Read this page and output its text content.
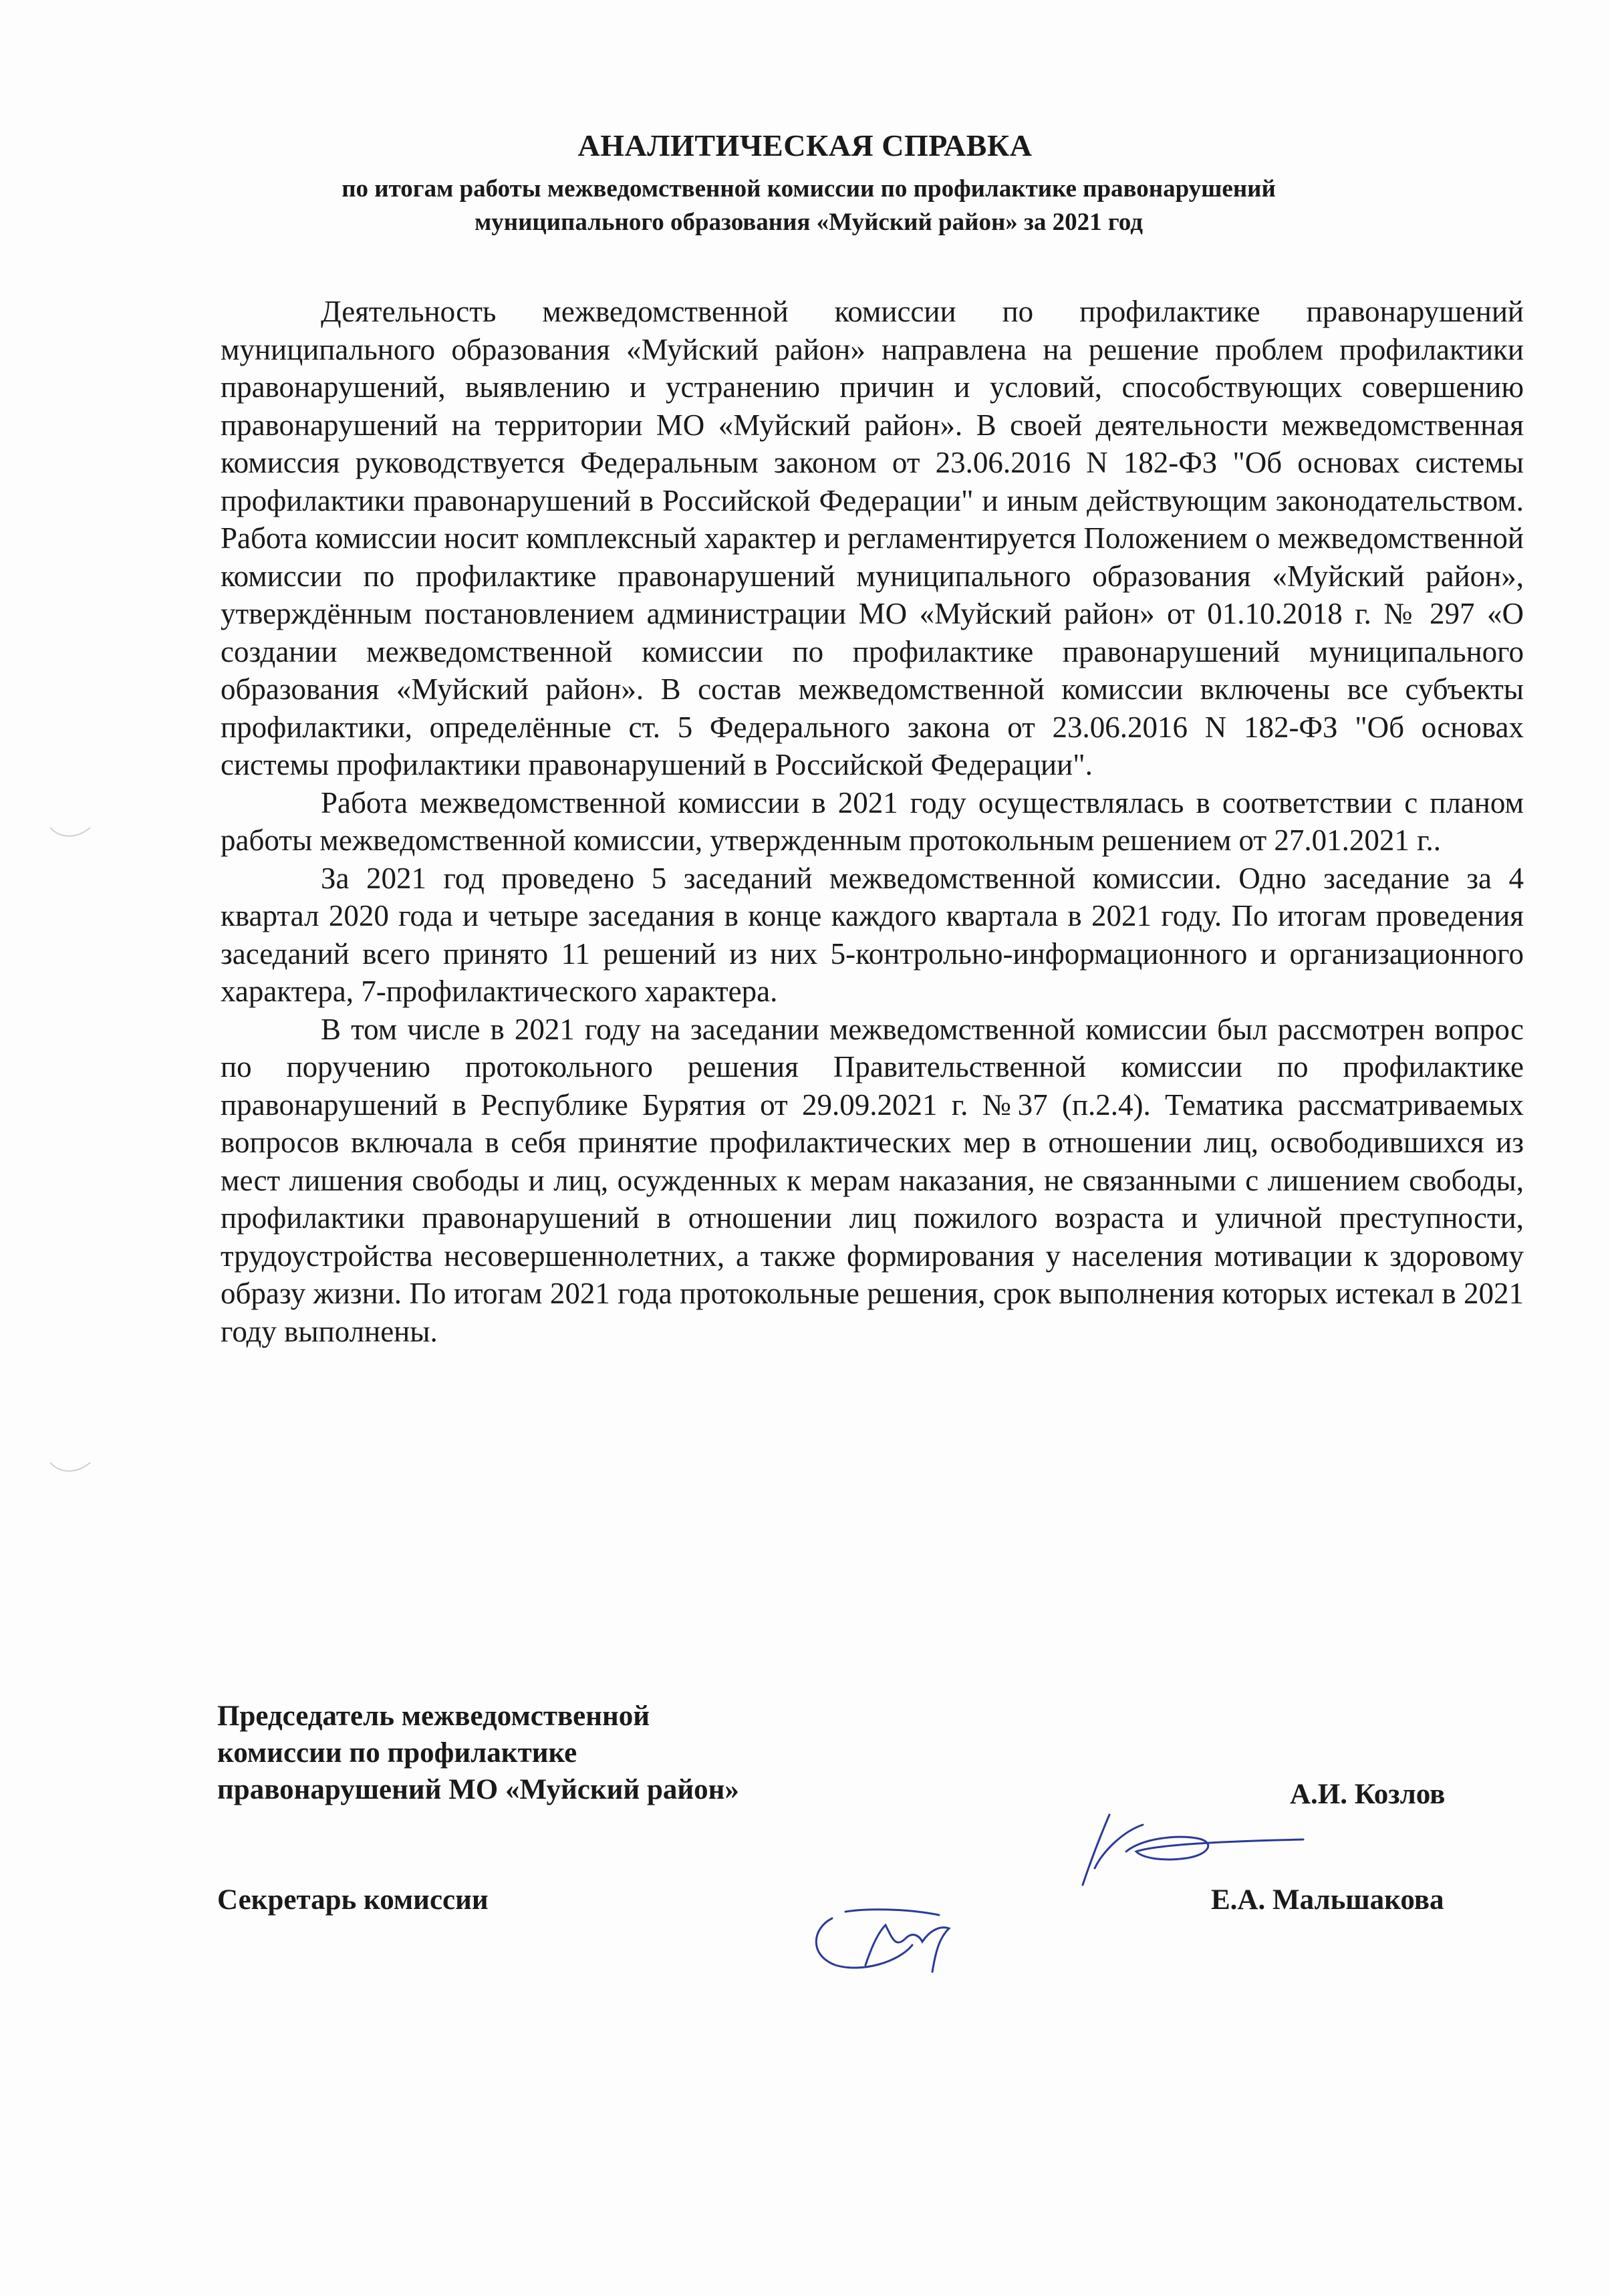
АНАЛИТИЧЕСКАЯ СПРАВКА
по итогам работы межведомственной комиссии по профилактике правонарушений
муниципального образования «Муйский район» за 2021 год

Деятельность межведомственной комиссии по профилактике правонарушений муниципального образования «Муйский район» направлена на решение проблем профилактики правонарушений, выявлению и устранению причин и условий, способствующих совершению правонарушений на территории МО «Муйский район». В своей деятельности межведомственная комиссия руководствуется Федеральным законом от 23.06.2016 N 182-ФЗ "Об основах системы профилактики правонарушений в Российской Федерации" и иным действующим законодательством. Работа комиссии носит комплексный характер и регламентируется Положением о межведомственной комиссии по профилактике правонарушений муниципального образования «Муйский район», утверждённым постановлением администрации МО «Муйский район» от 01.10.2018 г. № 297 «О создании межведомственной комиссии по профилактике правонарушений муниципального образования «Муйский район». В состав межведомственной комиссии включены все субъекты профилактики, определённые ст. 5 Федерального закона от 23.06.2016 N 182-ФЗ "Об основах системы профилактики правонарушений в Российской Федерации".

Работа межведомственной комиссии в 2021 году осуществлялась в соответствии с планом работы межведомственной комиссии, утвержденным протокольным решением от 27.01.2021 г..

За 2021 год проведено 5 заседаний межведомственной комиссии. Одно заседание за 4 квартал 2020 года и четыре заседания в конце каждого квартала в 2021 году. По итогам проведения заседаний всего принято 11 решений из них 5-контрольно-информационного и организационного характера, 7-профилактического характера.

В том числе в 2021 году на заседании межведомственной комиссии был рассмотрен вопрос по поручению протокольного решения Правительственной комиссии по профилактике правонарушений в Республике Бурятия от 29.09.2021 г. №37 (п.2.4). Тематика рассматриваемых вопросов включала в себя принятие профилактических мер в отношении лиц, освободившихся из мест лишения свободы и лиц, осужденных к мерам наказания, не связанными с лишением свободы, профилактики правонарушений в отношении лиц пожилого возраста и уличной преступности, трудоустройства несовершеннолетних, а также формирования у населения мотивации к здоровому образу жизни. По итогам 2021 года протокольные решения, срок выполнения которых истекал в 2021 году выполнены.

Председатель межведомственной
комиссии по профилактике
правонарушений МО «Муйский район»	А.И. Козлов
Секретарь комиссии	Е.А. Мальшакова
